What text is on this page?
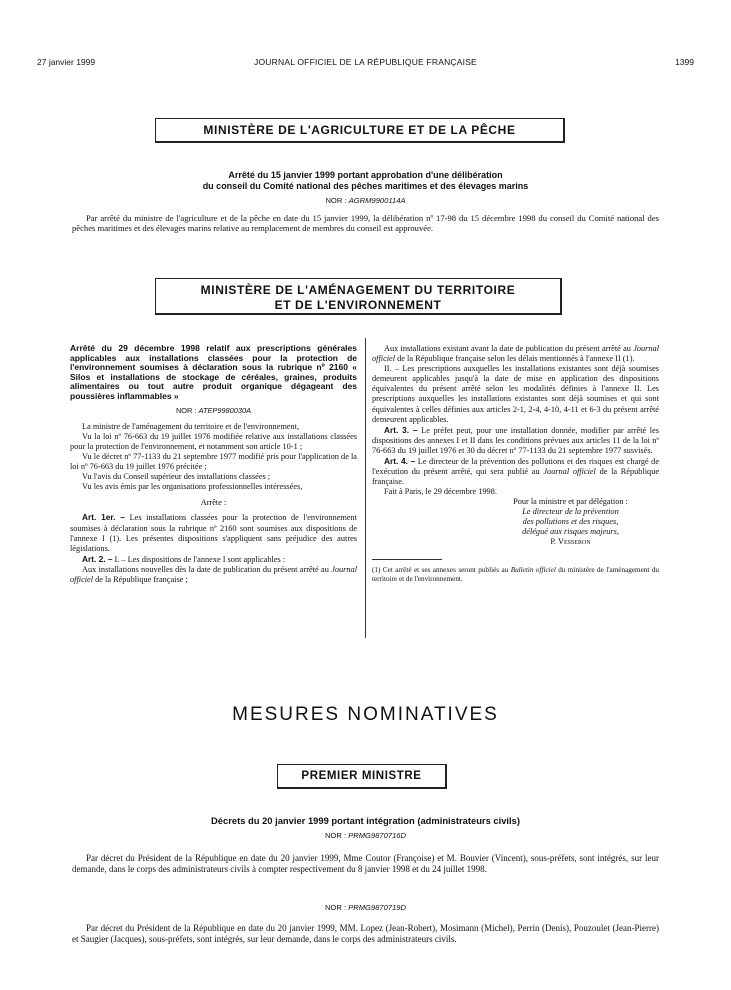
27 janvier 1999	JOURNAL OFFICIEL DE LA RÉPUBLIQUE FRANÇAISE	1399
MINISTÈRE DE L'AGRICULTURE ET DE LA PÊCHE
Arrêté du 15 janvier 1999 portant approbation d'une délibération
du conseil du Comité national des pêches maritimes et des élevages marins
NOR : AGRM9900114A
Par arrêté du ministre de l'agriculture et de la pêche en date du 15 janvier 1999, la délibération nº 17-98 du 15 décembre 1998 du conseil du Comité national des pêches maritimes et des élevages marins relative au remplacement de membres du conseil est approuvée.
MINISTÈRE DE L'AMÉNAGEMENT DU TERRITOIRE
ET DE L'ENVIRONNEMENT

Arrêté du 29 décembre 1998 relatif aux prescriptions générales applicables aux installations classées pour la protection de l'environnement soumises à déclaration sous la rubrique nº 2160 « Silos et installations de stockage de céréales, graines, produits alimentaires ou tout autre produit organique dégageant des poussières inflammables »

NOR : ATEP9980030A

La ministre de l'aménagement du territoire et de l'environnement,

Vu la loi nº 76-663 du 19 juillet 1976 modifiée relative aux installations classées pour la protection de l'environnement, et notamment son article 10-1 ;

Vu le décret nº 77-1133 du 21 septembre 1977 modifié pris pour l'application de la loi nº 76-663 du 19 juillet 1976 précitée ;

Vu l'avis du Conseil supérieur des installations classées ;

Vu les avis émis par les organisations professionnelles intéressées,

Arrête :

Art. 1er. – Les installations classées pour la protection de l'environnement soumises à déclaration sous la rubrique nº 2160 sont soumises aux dispositions de l'annexe I (1). Les présentes dispositions s'appliquent sans préjudice des autres législations.

Art. 2. – I. – Les dispositions de l'annexe I sont applicables :

Aux installations nouvelles dès la date de publication du présent arrêté au Journal officiel de la République française ;

Aux installations existant avant la date de publication du présent arrêté au Journal officiel de la République française selon les délais mentionnés à l'annexe II (1).

II. – Les prescriptions auxquelles les installations existantes sont déjà soumises demeurent applicables jusqu'à la date de mise en application des dispositions équivalentes du présent arrêté selon les modalités définies à l'annexe II. Les prescriptions auxquelles les installations existantes sont déjà soumises et qui sont équivalentes à celles définies aux articles 2-1, 2-4, 4-10, 4-11 et 6-3 du présent arrêté demeurent applicables.

Art. 3. – Le préfet peut, pour une installation donnée, modifier par arrêté les dispositions des annexes I et II dans les conditions prévues aux articles 11 de la loi nº 76-663 du 19 juillet 1976 et 30 du décret nº 77-1133 du 21 septembre 1977 susvisés.

Art. 4. – Le directeur de la prévention des pollutions et des risques est chargé de l'exécution du présent arrêté, qui sera publié au Journal officiel de la République française.

Fait à Paris, le 29 décembre 1998.

Pour la ministre et par délégation :
Le directeur de la prévention
des pollutions et des risques,
délégué aux risques majeurs,
P. Vesseron

(1) Cet arrêté et ses annexes seront publiés au Bulletin officiel du ministère de l'aménagement du territoire et de l'environnement.

MESURES NOMINATIVES
PREMIER MINISTRE
Décrets du 20 janvier 1999 portant intégration (administrateurs civils)
NOR : PRMG9870716D
Par décret du Président de la République en date du 20 janvier 1999, Mme Coutor (Françoise) et M. Bouvier (Vincent), sous-préfets, sont intégrés, sur leur demande, dans le corps des administrateurs civils à compter respectivement du 8 janvier 1998 et du 24 juillet 1998.
NOR : PRMG9870719D
Par décret du Président de la République en date du 20 janvier 1999, MM. Lopez (Jean-Robert), Mosimann (Michel), Perrin (Denis), Pouzoulet (Jean-Pierre) et Saugier (Jacques), sous-préfets, sont intégrés, sur leur demande, dans le corps des administrateurs civils.
